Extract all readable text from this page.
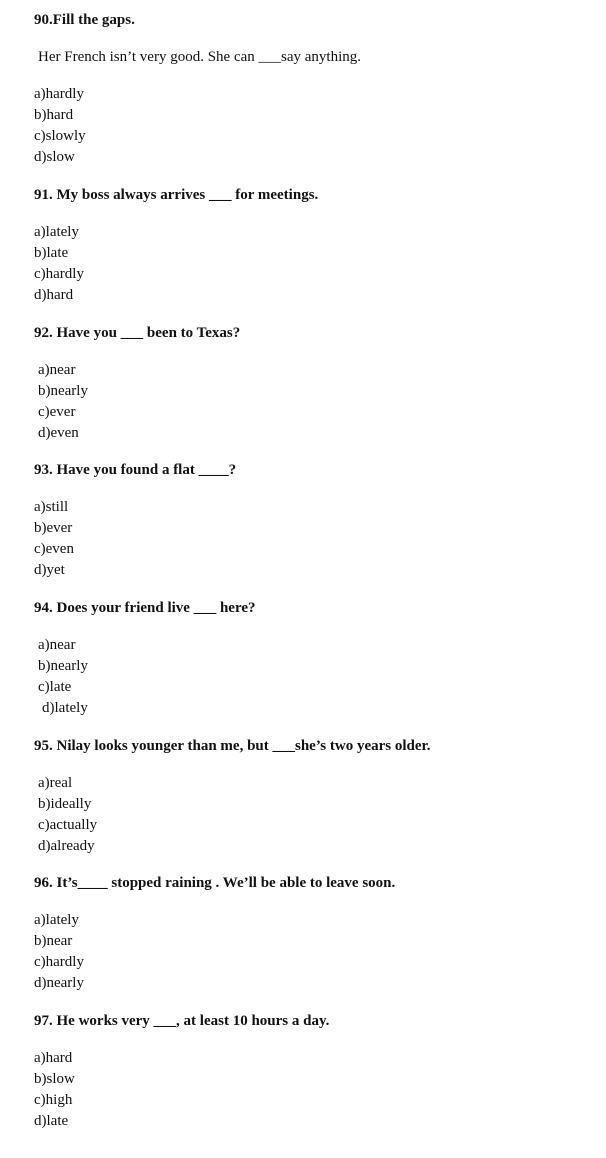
90.Fill the gaps.
Her French isn’t very good. She can ___say anything.
a)hardly
b)hard
c)slowly
d)slow
91. My boss always arrives ___ for meetings.
a)lately
b)late
c)hardly
d)hard
92. Have you ___ been to Texas?
a)near
b)nearly
c)ever
d)even
93. Have you found a flat ____?
a)still
b)ever
c)even
d)yet
94. Does your friend live ___ here?
a)near
b)nearly
c)late
d)lately
95. Nilay looks younger than me, but ___she’s two years older.
a)real
b)ideally
c)actually
d)already
96. It’s____ stopped raining . We’ll be able to leave soon.
a)lately
b)near
c)hardly
d)nearly
97. He works very ___, at least 10 hours a day.
a)hard
b)slow
c)high
d)late
